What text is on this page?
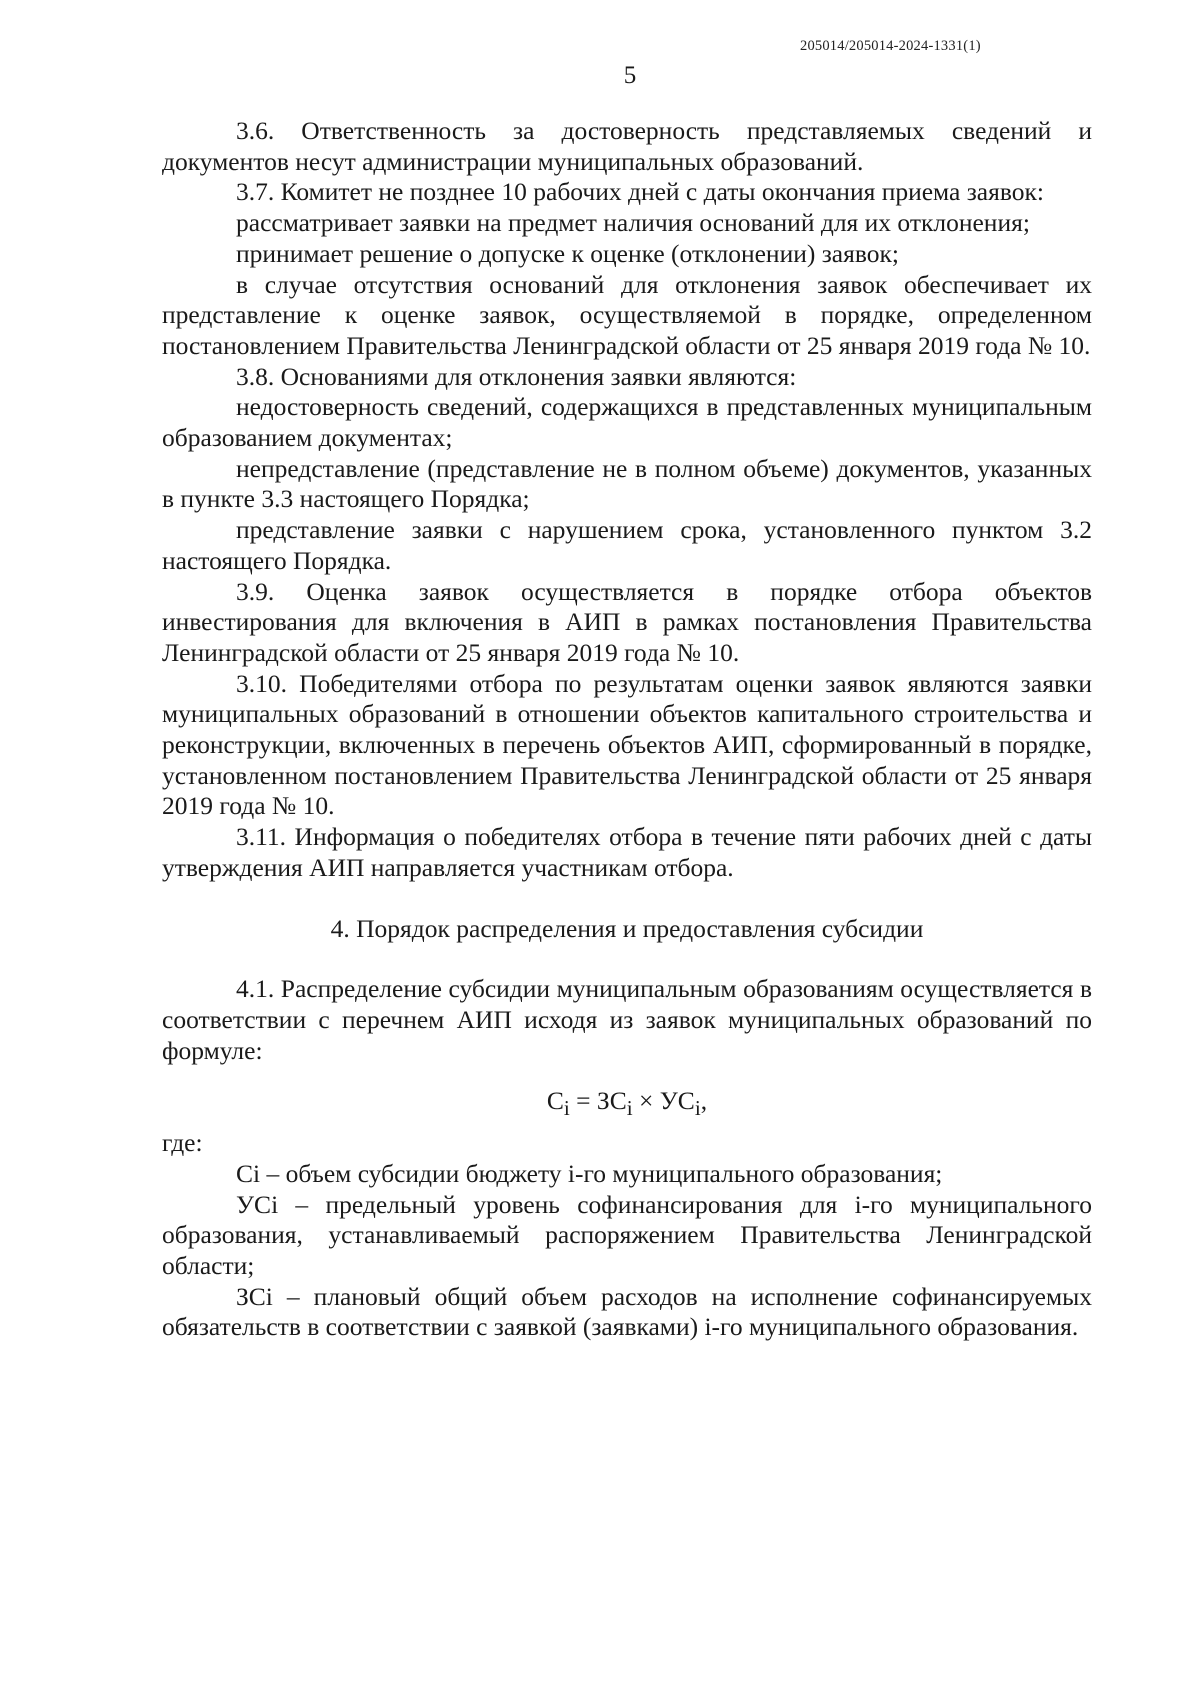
205014/205014-2024-1331(1)
5

3.6. Ответственность за достоверность представляемых сведений и документов несут администрации муниципальных образований.

3.7. Комитет не позднее 10 рабочих дней с даты окончания приема заявок:

рассматривает заявки на предмет наличия оснований для их отклонения;

принимает решение о допуске к оценке (отклонении) заявок;

в случае отсутствия оснований для отклонения заявок обеспечивает их представление к оценке заявок, осуществляемой в порядке, определенном постановлением Правительства Ленинградской области от 25 января 2019 года № 10.

3.8. Основаниями для отклонения заявки являются:

недостоверность сведений, содержащихся в представленных муниципальным образованием документах;

непредставление (представление не в полном объеме) документов, указанных в пункте 3.3 настоящего Порядка;

представление заявки с нарушением срока, установленного пунктом 3.2 настоящего Порядка.

3.9. Оценка заявок осуществляется в порядке отбора объектов инвестирования для включения в АИП в рамках постановления Правительства Ленинградской области от 25 января 2019 года № 10.

3.10. Победителями отбора по результатам оценки заявок являются заявки муниципальных образований в отношении объектов капитального строительства и реконструкции, включенных в перечень объектов АИП, сформированный в порядке, установленном постановлением Правительства Ленинградской области от 25 января 2019 года № 10.

3.11. Информация о победителях отбора в течение пяти рабочих дней с даты утверждения АИП направляется участникам отбора.

4. Порядок распределения и предоставления субсидии

4.1. Распределение субсидии муниципальным образованиям осуществляется в соответствии с перечнем АИП исходя из заявок муниципальных образований по формуле:

$C_i = ЗC_i \times УС_i$,

где:

Ci – объем субсидии бюджету i-го муниципального образования;

УСi – предельный уровень софинансирования для i-го муниципального образования, устанавливаемый распоряжением Правительства Ленинградской области;

ЗСi – плановый общий объем расходов на исполнение софинансируемых обязательств в соответствии с заявкой (заявками) i-го муниципального образования.
